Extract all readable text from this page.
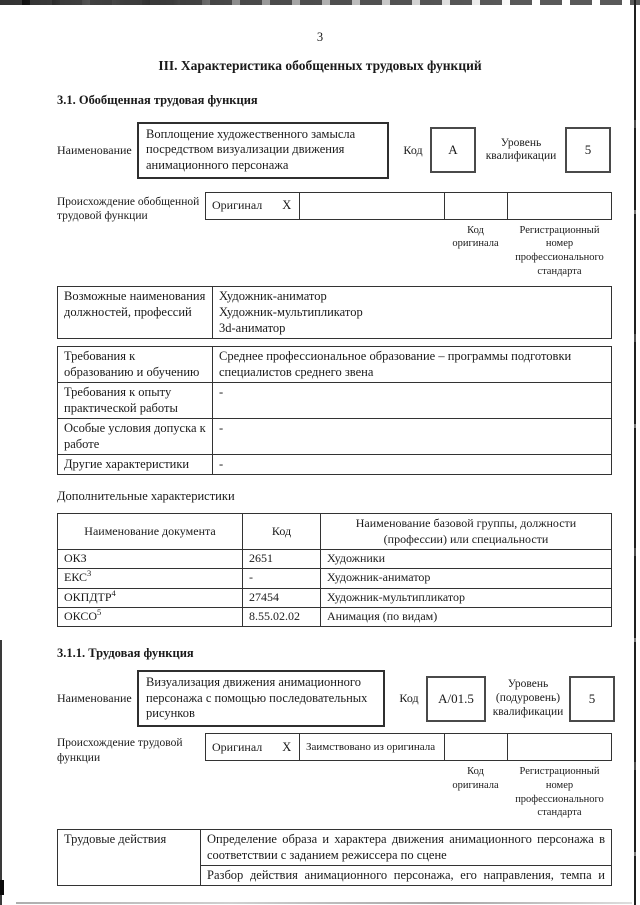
3
III. Характеристика обобщенных трудовых функций
3.1. Обобщенная трудовая функция
Наименование
Воплощение художественного замысла посредством визуализации движения анимационного персонажа
Код	А	Уровень квалификации	5
Происхождение обобщенной трудовой функции
Оригинал X
Код оригинала
Регистрационный номер профессионального стандарта
Возможные наименования должностей, профессий	
Художник-аниматор
Художник-мультипликатор
3d-аниматор
Требования к образованию и обучению	Среднее профессиональное образование – программы подготовки специалистов среднего звена
Требования к опыту практической работы	-
Особые условия допуска к работе	-
Другие характеристики	-
Дополнительные характеристики
Наименование документа	Код	Наименование базовой группы, должности (профессии) или специальности
ОКЗ	2651	Художники
ЕКС$^3$	-	Художник-аниматор
ОКПДТР$^4$	27454	Художник-мультипликатор
ОКСО$^5$	8.55.02.02	Анимация (по видам)
3.1.1. Трудовая функция
Наименование
Визуализация движения анимационного персонажа с помощью последовательных рисунков
Код	А/01.5
Уровень (подуровень) квалификации
5
Происхождение трудовой функции
Оригинал X	Заимствовано из оригинала
Код оригинала
Регистрационный номер профессионального стандарта
Трудовые действия	Определение образа и характера движения анимационного персонажа в соответствии с заданием режиссера по сцене
Разбор действия анимационного персонажа, его направления, темпа и
